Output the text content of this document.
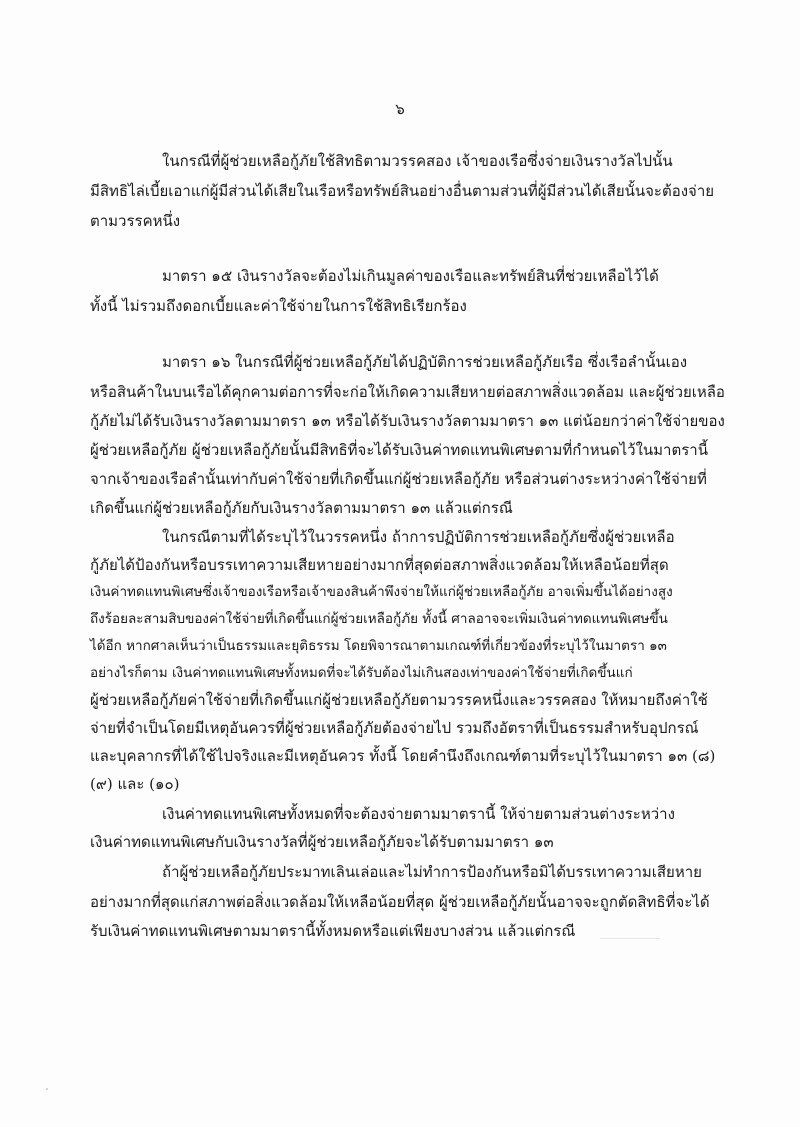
๖
ในกรณีที่ผู้ช่วยเหลือกู้ภัยใช้สิทธิตามวรรคสอง เจ้าของเรือซึ่งจ่ายเงินรางวัลไปนั้น
มีสิทธิไล่เบี้ยเอาแก่ผู้มีส่วนได้เสียในเรือหรือทรัพย์สินอย่างอื่นตามส่วนที่ผู้มีส่วนได้เสียนั้นจะต้องจ่าย
ตามวรรคหนึ่ง
มาตรา ๑๕ เงินรางวัลจะต้องไม่เกินมูลค่าของเรือและทรัพย์สินที่ช่วยเหลือไว้ได้
ทั้งนี้ ไม่รวมถึงดอกเบี้ยและค่าใช้จ่ายในการใช้สิทธิเรียกร้อง
มาตรา ๑๖ ในกรณีที่ผู้ช่วยเหลือกู้ภัยได้ปฏิบัติการช่วยเหลือกู้ภัยเรือ ซึ่งเรือลำนั้นเอง
หรือสินค้าในบนเรือได้คุกคามต่อการที่จะก่อให้เกิดความเสียหายต่อสภาพสิ่งแวดล้อม และผู้ช่วยเหลือ
กู้ภัยไม่ได้รับเงินรางวัลตามมาตรา ๑๓ หรือได้รับเงินรางวัลตามมาตรา ๑๓ แต่น้อยกว่าค่าใช้จ่ายของ
ผู้ช่วยเหลือกู้ภัย ผู้ช่วยเหลือกู้ภัยนั้นมีสิทธิที่จะได้รับเงินค่าทดแทนพิเศษตามที่กำหนดไว้ในมาตรานี้
จากเจ้าของเรือลำนั้นเท่ากับค่าใช้จ่ายที่เกิดขึ้นแก่ผู้ช่วยเหลือกู้ภัย หรือส่วนต่างระหว่างค่าใช้จ่ายที่
เกิดขึ้นแก่ผู้ช่วยเหลือกู้ภัยกับเงินรางวัลตามมาตรา ๑๓ แล้วแต่กรณี
ในกรณีตามที่ได้ระบุไว้ในวรรคหนึ่ง ถ้าการปฏิบัติการช่วยเหลือกู้ภัยซึ่งผู้ช่วยเหลือ
กู้ภัยได้ป้องกันหรือบรรเทาความเสียหายอย่างมากที่สุดต่อสภาพสิ่งแวดล้อมให้เหลือน้อยที่สุด
เงินค่าทดแทนพิเศษซึ่งเจ้าของเรือหรือเจ้าของสินค้าพึงจ่ายให้แก่ผู้ช่วยเหลือกู้ภัย อาจเพิ่มขึ้นได้อย่างสูง
ถึงร้อยละสามสิบของค่าใช้จ่ายที่เกิดขึ้นแก่ผู้ช่วยเหลือกู้ภัย ทั้งนี้ ศาลอาจจะเพิ่มเงินค่าทดแทนพิเศษขึ้น
ได้อีก หากศาลเห็นว่าเป็นธรรมและยุติธรรม โดยพิจารณาตามเกณฑ์ที่เกี่ยวข้องที่ระบุไว้ในมาตรา ๑๓
อย่างไรก็ตาม เงินค่าทดแทนพิเศษทั้งหมดที่จะได้รับต้องไม่เกินสองเท่าของค่าใช้จ่ายที่เกิดขึ้นแก่
ผู้ช่วยเหลือกู้ภัยค่าใช้จ่ายที่เกิดขึ้นแก่ผู้ช่วยเหลือกู้ภัยตามวรรคหนึ่งและวรรคสอง ให้หมายถึงค่าใช้
จ่ายที่จำเป็นโดยมีเหตุอันควรที่ผู้ช่วยเหลือกู้ภัยต้องจ่ายไป รวมถึงอัตราที่เป็นธรรมสำหรับอุปกรณ์
และบุคลากรที่ได้ใช้ไปจริงและมีเหตุอันควร ทั้งนี้ โดยคำนึงถึงเกณฑ์ตามที่ระบุไว้ในมาตรา ๑๓ (๘)
(๙) และ (๑๐)
เงินค่าทดแทนพิเศษทั้งหมดที่จะต้องจ่ายตามมาตรานี้ ให้จ่ายตามส่วนต่างระหว่าง
เงินค่าทดแทนพิเศษกับเงินรางวัลที่ผู้ช่วยเหลือกู้ภัยจะได้รับตามมาตรา ๑๓
ถ้าผู้ช่วยเหลือกู้ภัยประมาทเลินเล่อและไม่ทำการป้องกันหรือมิได้บรรเทาความเสียหาย
อย่างมากที่สุดแก่สภาพต่อสิ่งแวดล้อมให้เหลือน้อยที่สุด ผู้ช่วยเหลือกู้ภัยนั้นอาจจะถูกตัดสิทธิที่จะได้
รับเงินค่าทดแทนพิเศษตามมาตรานี้ทั้งหมดหรือแต่เพียงบางส่วน แล้วแต่กรณี
